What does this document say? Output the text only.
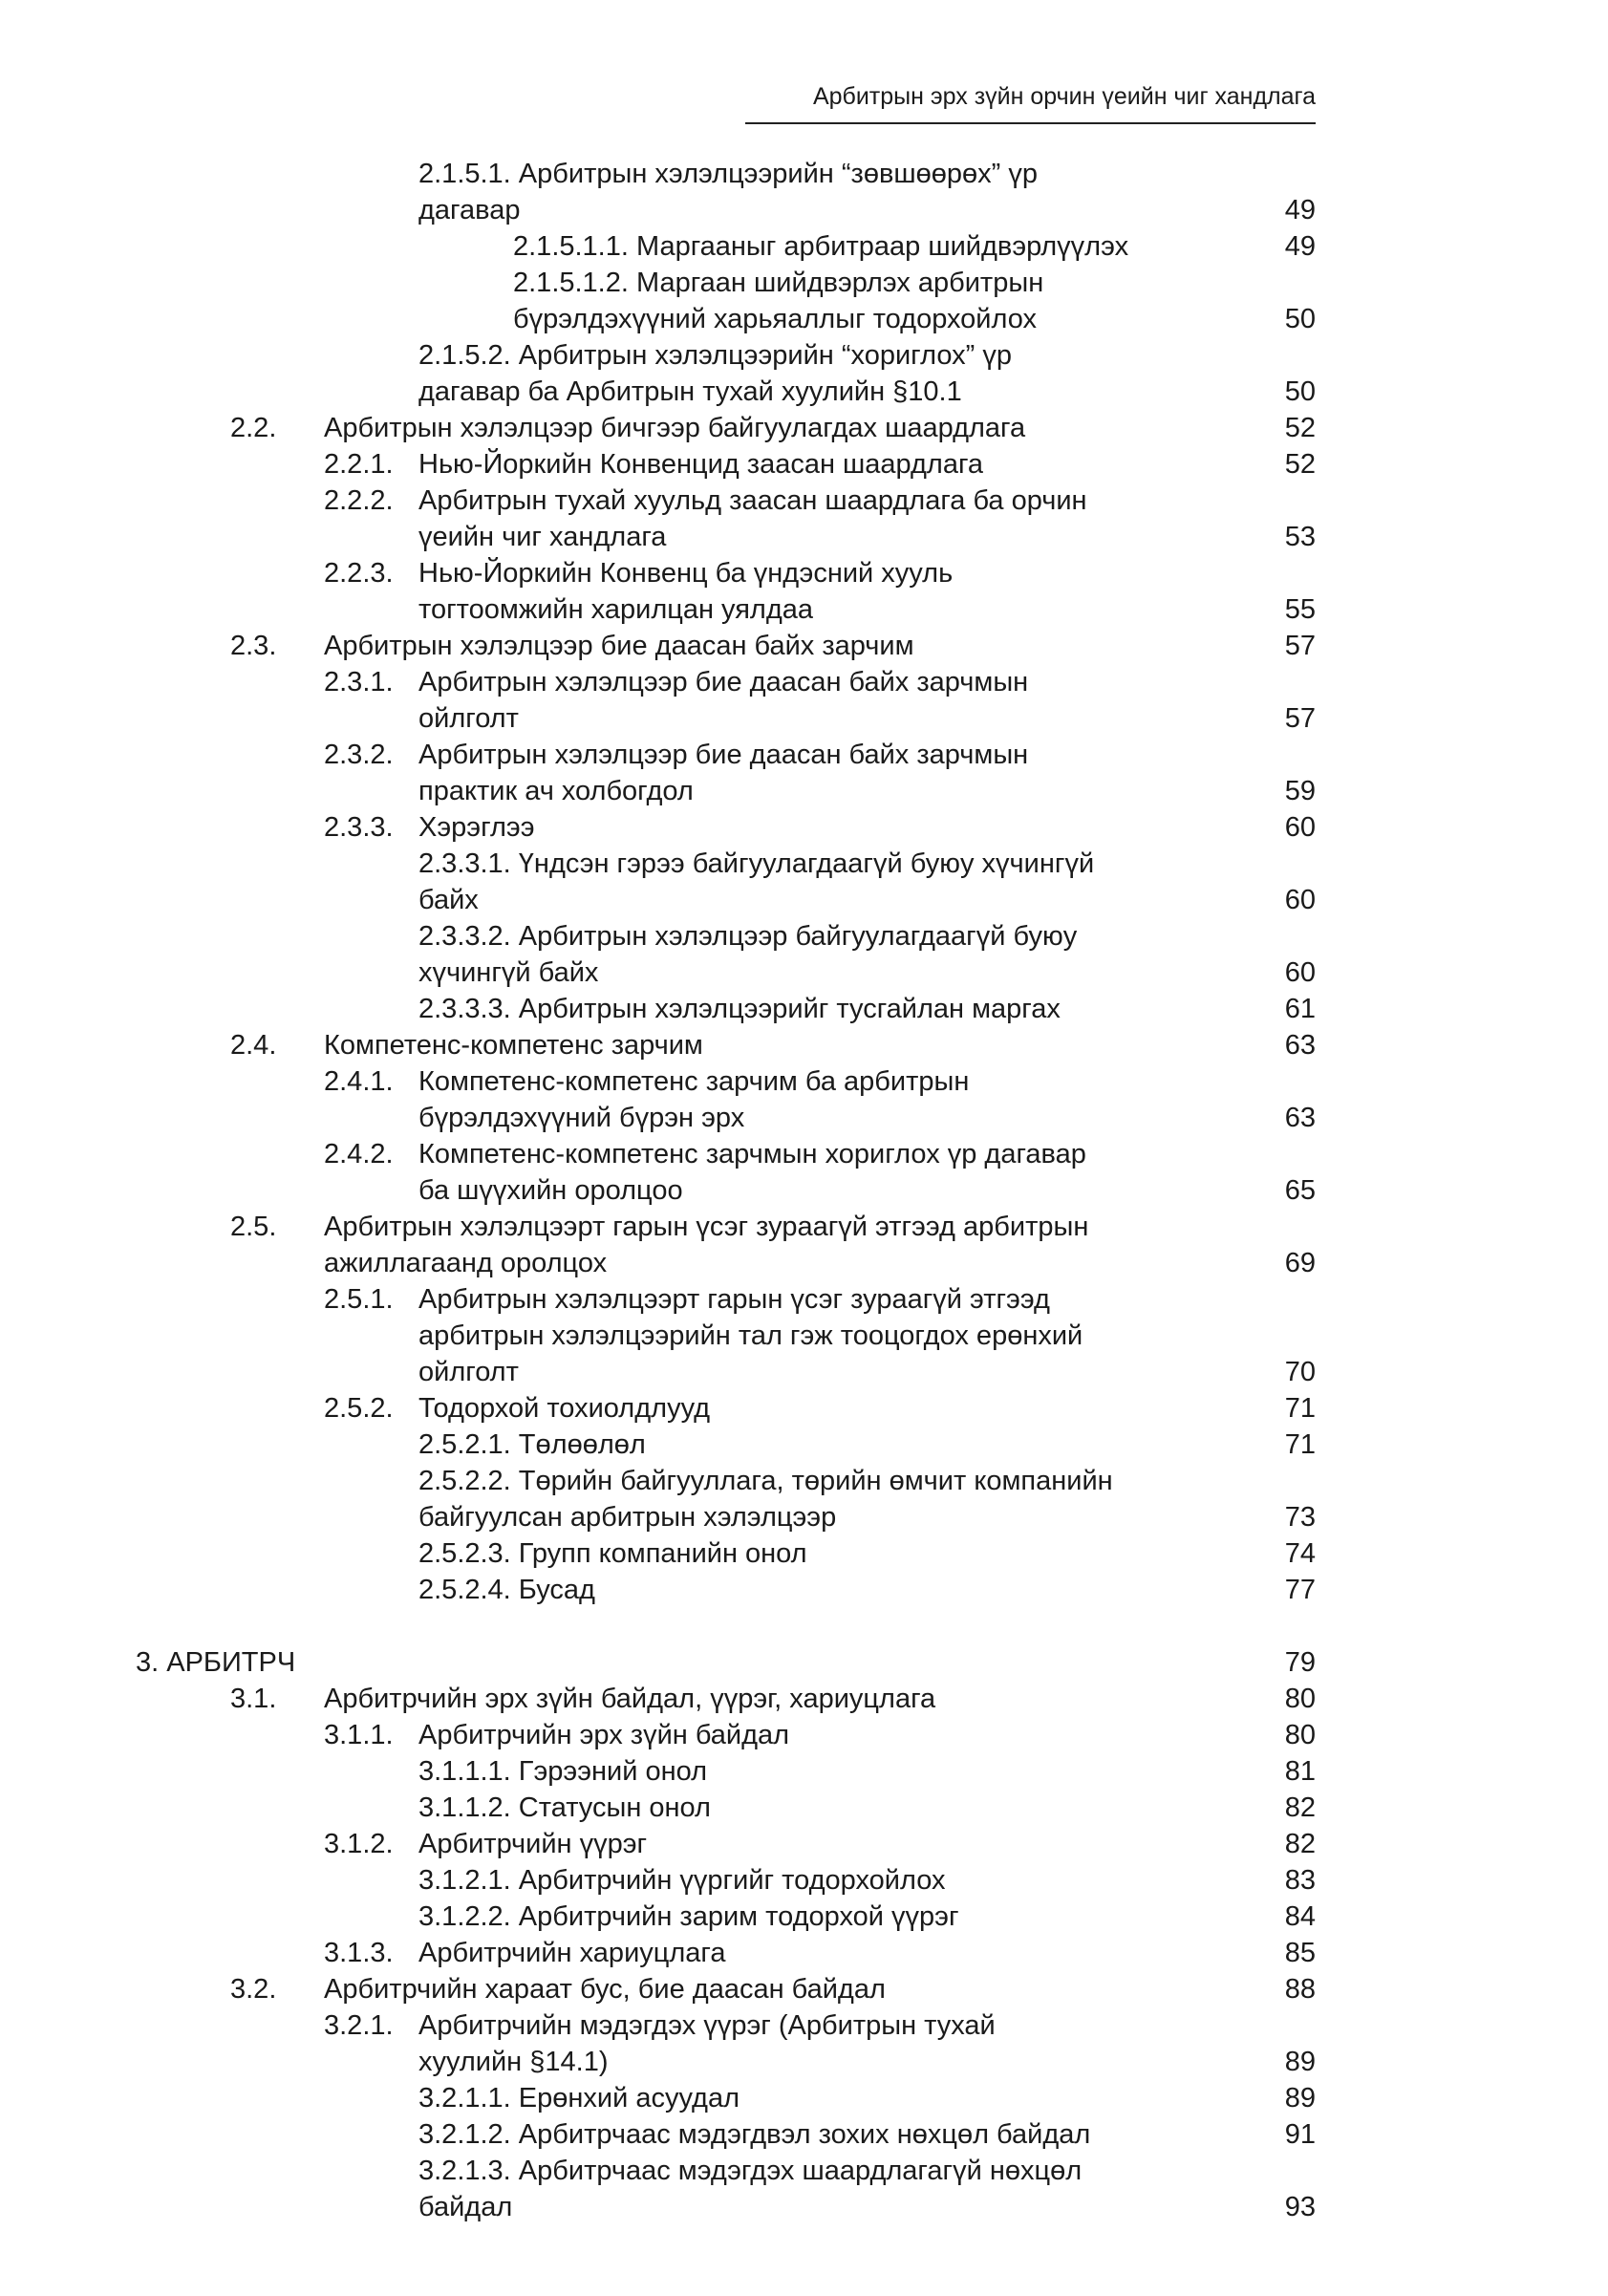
Арбитрын эрх зүйн орчин үеийн чиг хандлага
2.1.5.1. Арбитрын хэлэлцээрийн “зөвшөөрөх” үр
дагавар	49
2.1.5.1.1. Маргааныг арбитраар шийдвэрлүүлэх	49
2.1.5.1.2. Маргаан шийдвэрлэх арбитрын
бүрэлдэхүүний харьяаллыг тодорхойлох	50
2.1.5.2. Арбитрын хэлэлцээрийн “хориглох” үр
дагавар ба Арбитрын тухай хуулийн §10.1	50
2.2. Арбитрын хэлэлцээр бичгээр байгуулагдах шаардлага	52
2.2.1. Нью-Йоркийн Конвенцид заасан шаардлага	52
2.2.2. Арбитрын тухай хуульд заасан шаардлага ба орчин
үеийн чиг хандлага	53
2.2.3. Нью-Йоркийн Конвенц ба үндэсний хууль
тогтоомжийн харилцан уялдаа	55
2.3. Арбитрын хэлэлцээр бие даасан байх зарчим	57
2.3.1. Арбитрын хэлэлцээр бие даасан байх зарчмын
ойлголт	57
2.3.2. Арбитрын хэлэлцээр бие даасан байх зарчмын
практик ач холбогдол	59
2.3.3. Хэрэглээ	60
2.3.3.1. Үндсэн гэрээ байгуулагдаагүй буюу хүчингүй
байх	60
2.3.3.2. Арбитрын хэлэлцээр байгуулагдаагүй буюу
хүчингүй байх	60
2.3.3.3. Арбитрын хэлэлцээрийг тусгайлан маргах	61
2.4. Компетенс-компетенс зарчим	63
2.4.1. Компетенс-компетенс зарчим ба арбитрын
бүрэлдэхүүний бүрэн эрх	63
2.4.2. Компетенс-компетенс зарчмын хориглох үр дагавар
ба шүүхийн оролцоо	65
2.5. Арбитрын хэлэлцээрт гарын үсэг зураагүй этгээд арбитрын
ажиллагаанд оролцох	69
2.5.1. Арбитрын хэлэлцээрт гарын үсэг зураагүй этгээд
арбитрын хэлэлцээрийн тал гэж тооцогдох ерөнхий
ойлголт	70
2.5.2. Тодорхой тохиолдлууд	71
2.5.2.1. Төлөөлөл	71
2.5.2.2. Төрийн байгууллага, төрийн өмчит компанийн
байгуулсан арбитрын хэлэлцээр	73
2.5.2.3. Групп компанийн онол	74
2.5.2.4. Бусад	77
3. АРБИТРЧ	79
3.1. Арбитрчийн эрх зүйн байдал, үүрэг, хариуцлага	80
3.1.1. Арбитрчийн эрх зүйн байдал	80
3.1.1.1. Гэрээний онол	81
3.1.1.2. Статусын онол	82
3.1.2. Арбитрчийн үүрэг	82
3.1.2.1. Арбитрчийн үүргийг тодорхойлох	83
3.1.2.2. Арбитрчийн зарим тодорхой үүрэг	84
3.1.3. Арбитрчийн хариуцлага	85
3.2. Арбитрчийн хараат бус, бие даасан байдал	88
3.2.1. Арбитрчийн мэдэгдэх үүрэг (Арбитрын тухай
хуулийн §14.1)	89
3.2.1.1. Ерөнхий асуудал	89
3.2.1.2. Арбитрчаас мэдэгдвэл зохих нөхцөл байдал	91
3.2.1.3. Арбитрчаас мэдэгдэх шаардлагагүй нөхцөл
байдал	93
